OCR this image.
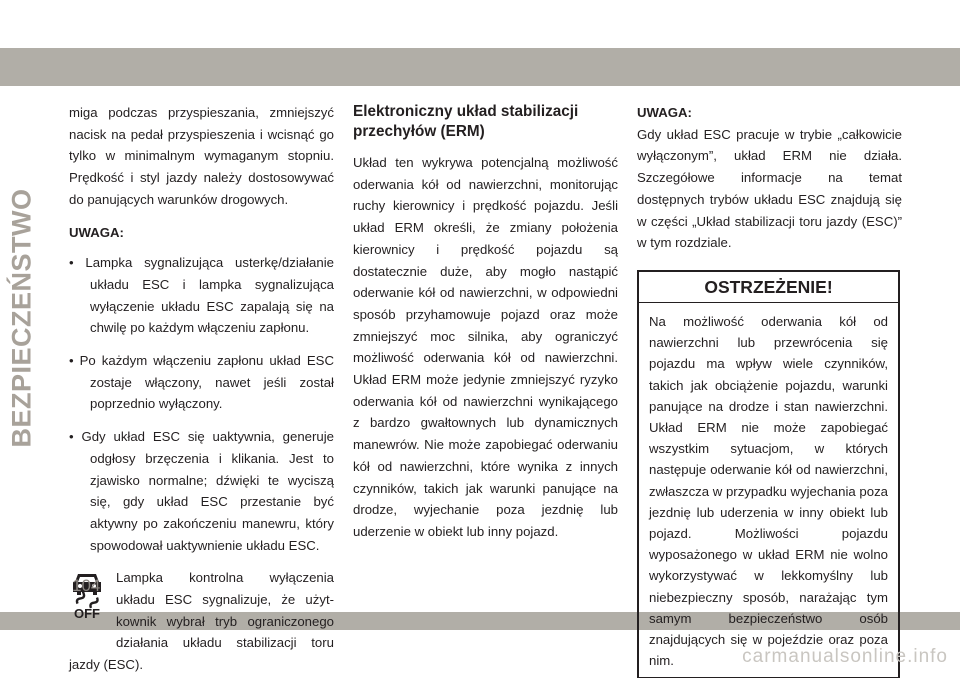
BEZPIECZEŃSTWO

miga podczas przyspieszania, zmniejszyć nacisk na pedał przyspieszenia i wcisnąć go tylko w minimalnym wymaganym stopniu. Prędkość i styl jazdy należy dostosowywać do panujących warunków drogowych.

UWAGA:

• Lampka sygnalizująca usterkę/działanie układu ESC i lampka sygnalizująca wyłączenie układu ESC zapalają się na chwilę po każdym włączeniu zapłonu.

• Po każdym włączeniu zapłonu układ ESC zostaje włączony, nawet jeśli został poprzednio wyłączony.

• Gdy układ ESC się uaktywnia, generuje odgłosy brzęczenia i klikania. Jest to zjawisko normalne; dźwięki te wyciszą się, gdy układ ESC przestanie być aktywny po zakończeniu manewru, który spowodował uaktywnienie układu ESC.

OFF

Lampka kontrolna wyłączenia

układu ESC sygnalizuje, że użyt-

kownik wybrał tryb ograniczonego

działania układu stabilizacji toru

jazdy (ESC).

Elektroniczny układ stabilizacji przechyłów (ERM)

Układ ten wykrywa potencjalną możliwość oderwania kół od nawierzchni, monitorując ruchy kierownicy i prędkość pojazdu. Jeśli układ ERM określi, że zmiany położenia kierownicy i prędkość pojazdu są dostatecznie duże, aby mogło nastąpić oderwanie kół od nawierzchni, w odpowiedni sposób przyhamowuje pojazd oraz może zmniejszyć moc silnika, aby ograniczyć możliwość oderwania kół od nawierzchni. Układ ERM może jedynie zmniejszyć ryzyko oderwania kół od nawierzchni wynikającego z bardzo gwałtownych lub dynamicznych manewrów. Nie może zapobiegać oderwaniu kół od nawierzchni, które wynika z innych czynników, takich jak warunki panujące na drodze, wyjechanie poza jezdnię lub uderzenie w obiekt lub inny pojazd.

UWAGA:

Gdy układ ESC pracuje w trybie „całkowicie wyłączonym”, układ ERM nie działa. Szczegółowe informacje na temat dostępnych trybów układu ESC znajdują się w części „Układ stabilizacji toru jazdy (ESC)” w tym rozdziale.

OSTRZEŻENIE!

Na możliwość oderwania kół od nawierzchni lub przewrócenia się pojazdu ma wpływ wiele czynników, takich jak obciążenie pojazdu, warunki panujące na drodze i stan nawierzchni. Układ ERM nie może zapobiegać wszystkim sytuacjom, w których następuje oderwanie kół od nawierzchni, zwłaszcza w przypadku wyjechania poza jezdnię lub uderzenia w inny obiekt lub pojazd. Możliwości pojazdu wyposażonego w układ ERM nie wolno wykorzystywać w lekkomyślny lub niebezpieczny sposób, narażając tym samym bezpieczeństwo osób znajdujących się w pojeździe oraz poza nim.

104
carmanualsonline.info
